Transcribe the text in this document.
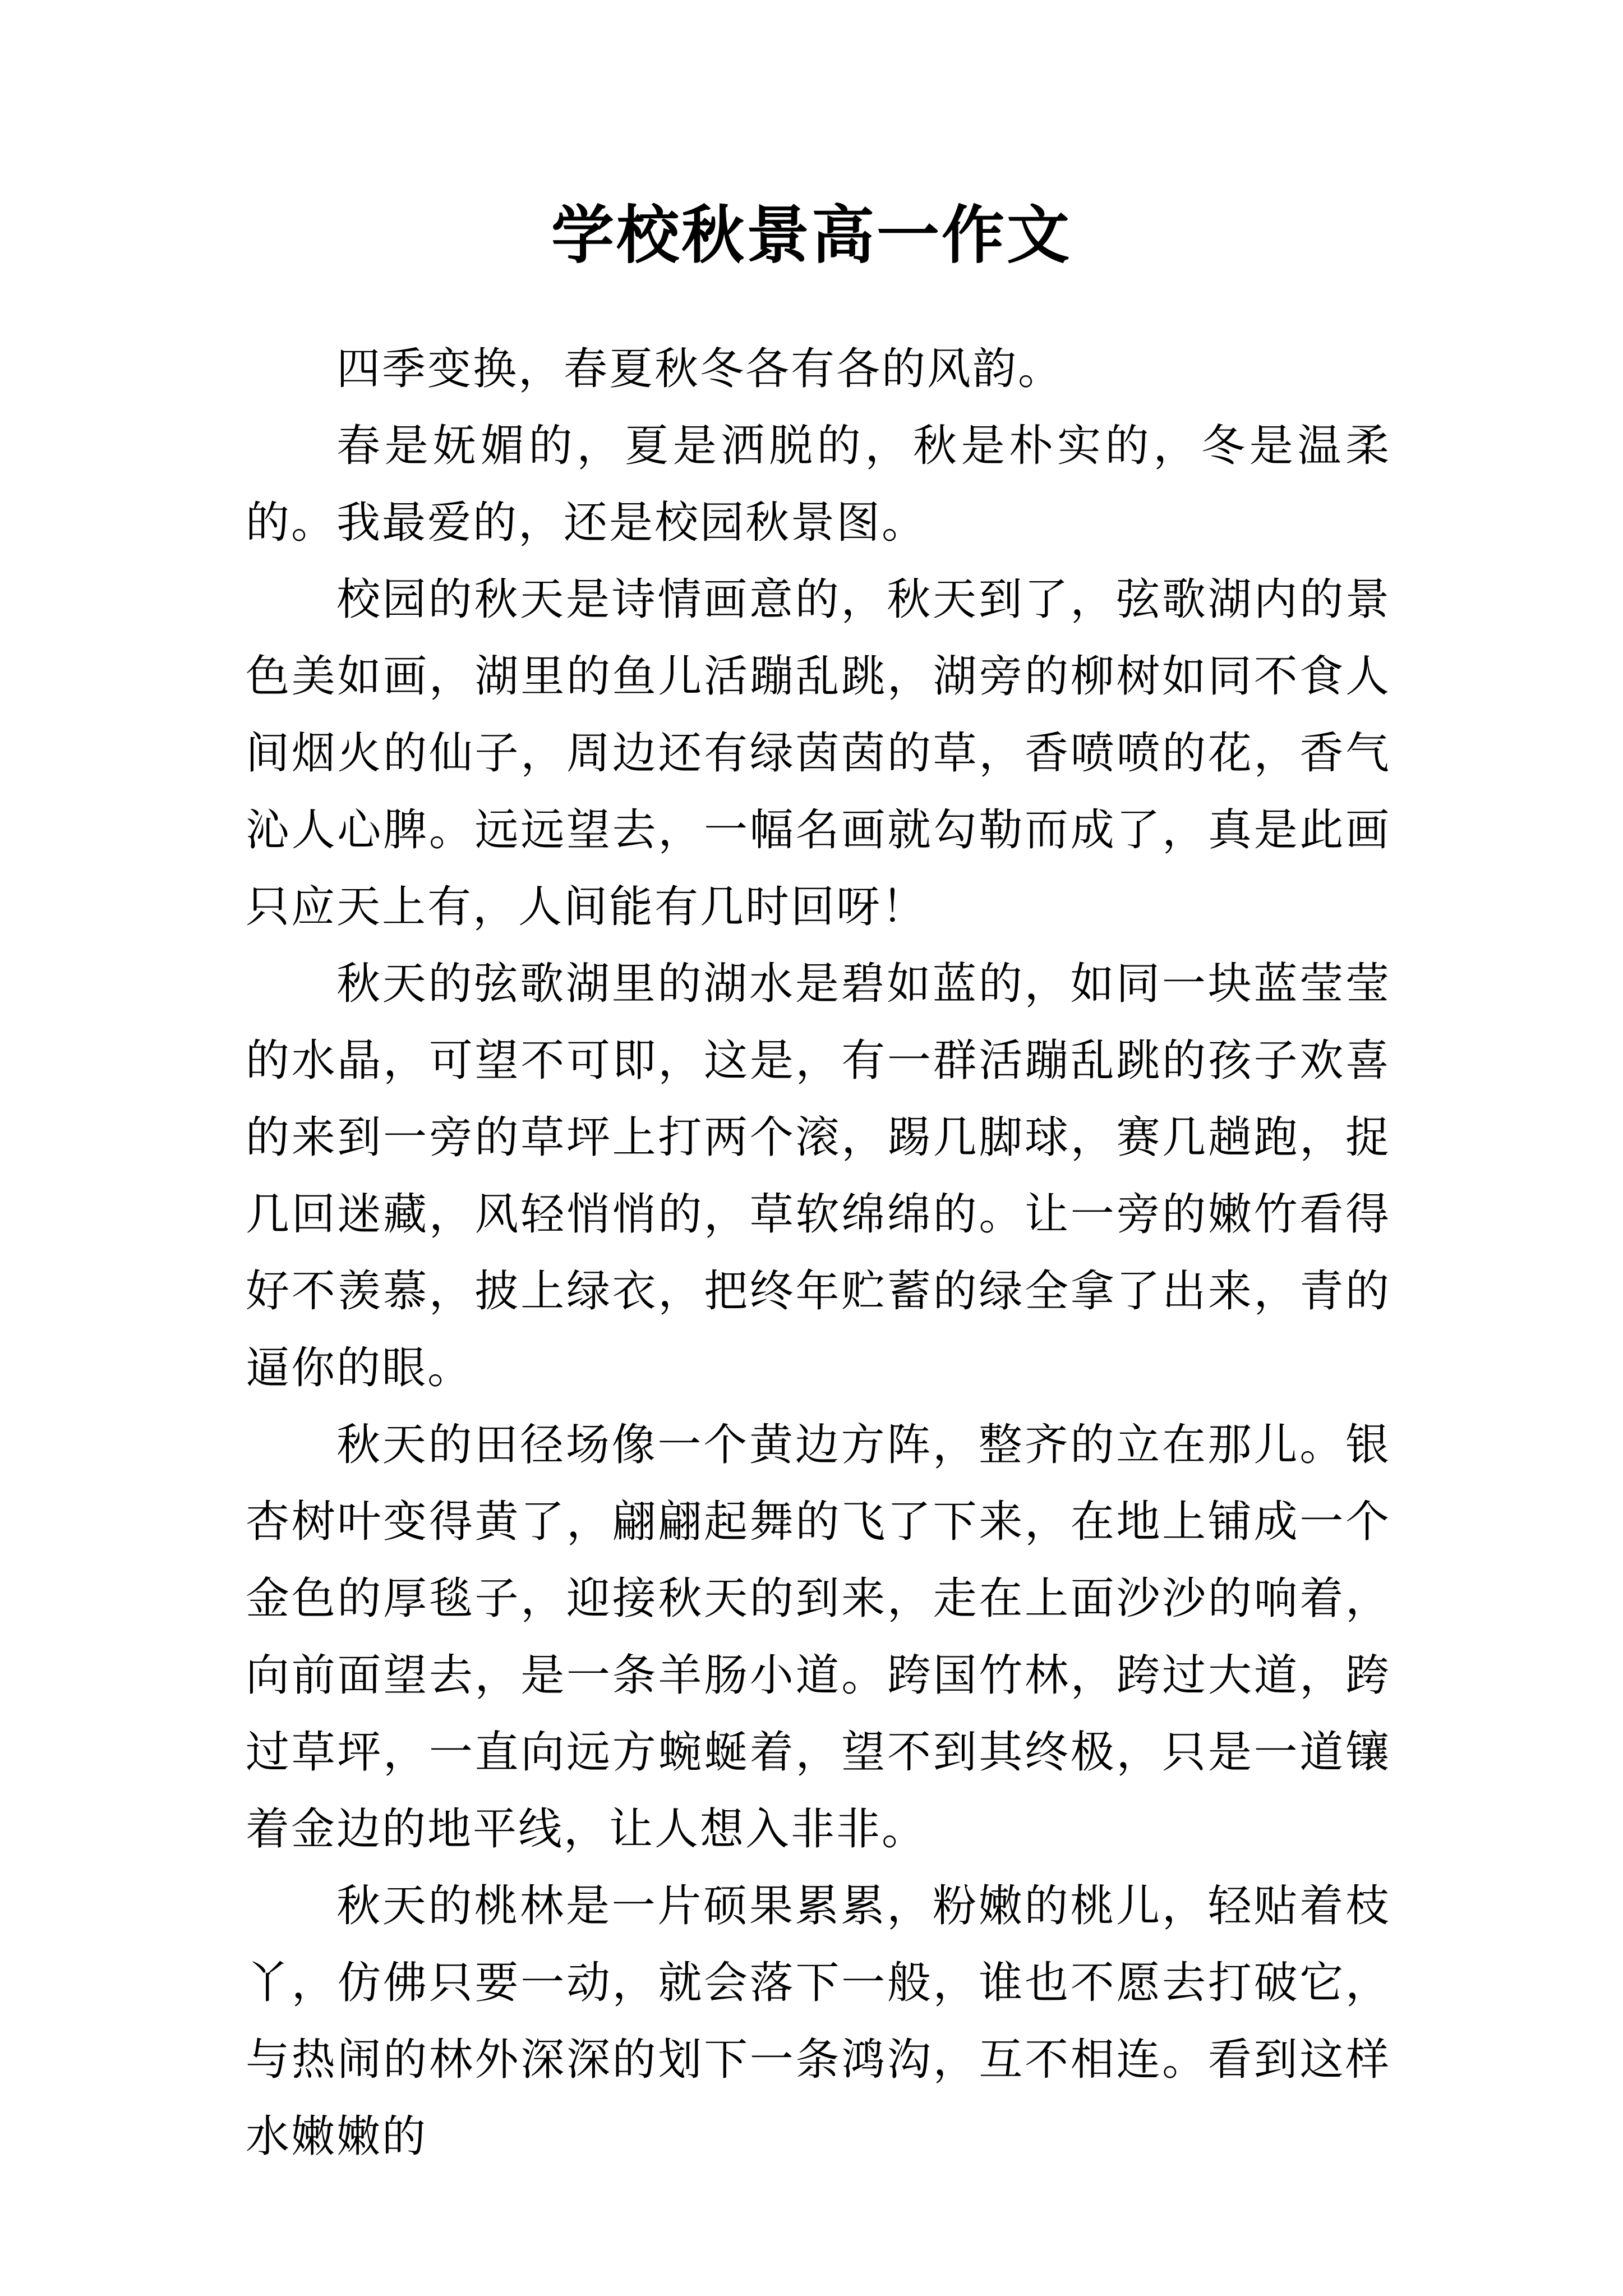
学校秋景高一作文

四季变换，春夏秋冬各有各的风韵。

春是妩媚的，夏是洒脱的，秋是朴实的，冬是温柔的。我最爱的，还是校园秋景图。

校园的秋天是诗情画意的，秋天到了，弦歌湖内的景色美如画，湖里的鱼儿活蹦乱跳，湖旁的柳树如同不食人间烟火的仙子，周边还有绿茵茵的草，香喷喷的花，香气沁人心脾。远远望去，一幅名画就勾勒而成了，真是此画只应天上有，人间能有几时回呀！

秋天的弦歌湖里的湖水是碧如蓝的，如同一块蓝莹莹的水晶，可望不可即，这是，有一群活蹦乱跳的孩子欢喜的来到一旁的草坪上打两个滚，踢几脚球，赛几趟跑，捉几回迷藏，风轻悄悄的，草软绵绵的。让一旁的嫩竹看得好不羡慕，披上绿衣，把终年贮蓄的绿全拿了出来，青的逼你的眼。

秋天的田径场像一个黄边方阵，整齐的立在那儿。银杏树叶变得黄了，翩翩起舞的飞了下来，在地上铺成一个金色的厚毯子，迎接秋天的到来，走在上面沙沙的响着，向前面望去，是一条羊肠小道。跨国竹林，跨过大道，跨过草坪，一直向远方蜿蜒着，望不到其终极，只是一道镶着金边的地平线，让人想入非非。

秋天的桃林是一片硕果累累，粉嫩的桃儿，轻贴着枝丫，仿佛只要一动，就会落下一般，谁也不愿去打破它，与热闹的林外深深的划下一条鸿沟，互不相连。看到这样水嫩嫩的
